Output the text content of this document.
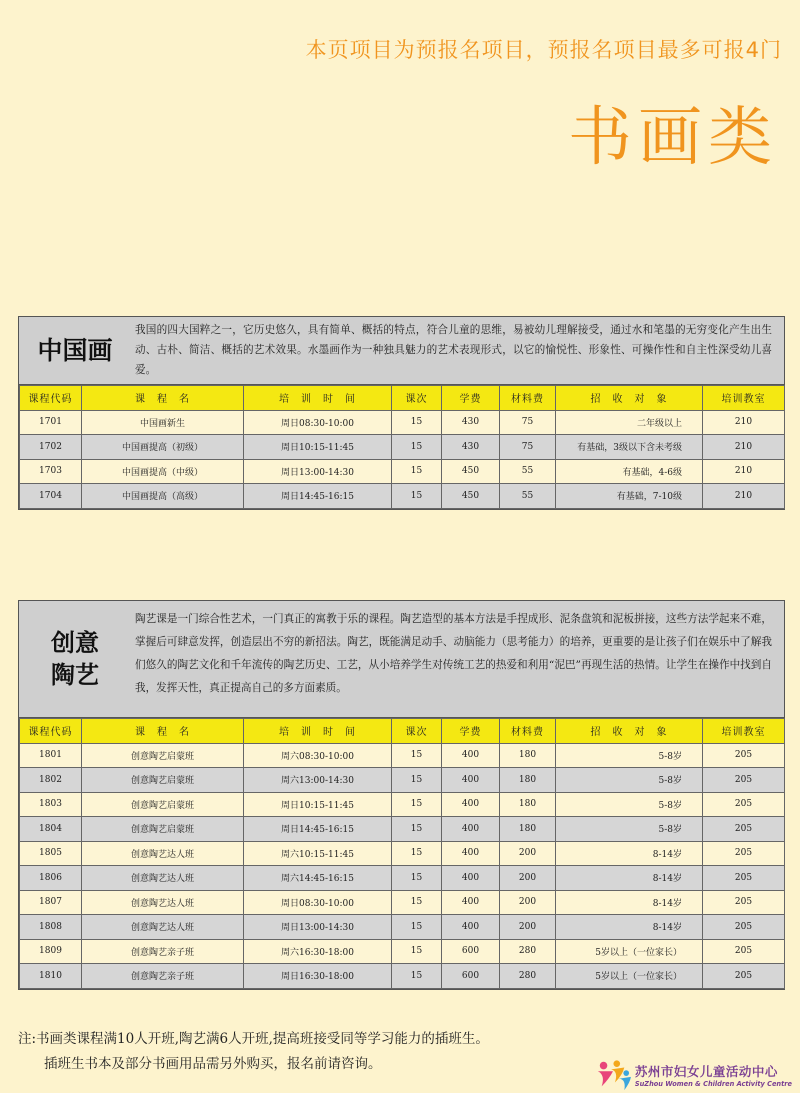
本页项目为预报名项目，预报名项目最多可报4门
书画类
中国画
我国的四大国粹之一，它历史悠久，具有简单、概括的特点，符合儿童的思维，易被幼儿理解接受，通过水和笔墨的无穷变化产生出生动、古朴、简洁、概括的艺术效果。水墨画作为一种独具魅力的艺术表现形式，以它的愉悦性、形象性、可操作性和自主性深受幼儿喜爱。
课程代码	课　程　名	培　训　时　间	课次	学费	材料费	招　收　对　象	培训教室
1701	中国画新生	周日08:30-10:00	15	430	75	二年级以上	210
1702	中国画提高（初级）	周日10:15-11:45	15	430	75	有基础，3级以下含未考级	210
1703	中国画提高（中级）	周日13:00-14:30	15	450	55	有基础，4-6级	210
1704	中国画提高（高级）	周日14:45-16:15	15	450	55	有基础，7-10级	210
创意
陶艺
陶艺课是一门综合性艺术，一门真正的寓教于乐的课程。陶艺造型的基本方法是手捏成形、泥条盘筑和泥板拼接，这些方法学起来不难，掌握后可肆意发挥，创造层出不穷的新招法。陶艺，既能满足动手、动脑能力（思考能力）的培养，更重要的是让孩子们在娱乐中了解我们悠久的陶艺文化和千年流传的陶艺历史、工艺，从小培养学生对传统工艺的热爱和利用“泥巴”再现生活的热情。让学生在操作中找到自我，发挥天性，真正提高自己的多方面素质。
课程代码	课　程　名	培　训　时　间	课次	学费	材料费	招　收　对　象	培训教室
1801	创意陶艺启蒙班	周六08:30-10:00	15	400	180	5-8岁	205
1802	创意陶艺启蒙班	周六13:00-14:30	15	400	180	5-8岁	205
1803	创意陶艺启蒙班	周日10:15-11:45	15	400	180	5-8岁	205
1804	创意陶艺启蒙班	周日14:45-16:15	15	400	180	5-8岁	205
1805	创意陶艺达人班	周六10:15-11:45	15	400	200	8-14岁	205
1806	创意陶艺达人班	周六14:45-16:15	15	400	200	8-14岁	205
1807	创意陶艺达人班	周日08:30-10:00	15	400	200	8-14岁	205
1808	创意陶艺达人班	周日13:00-14:30	15	400	200	8-14岁	205
1809	创意陶艺亲子班	周六16:30-18:00	15	600	280	5岁以上（一位家长）	205
1810	创意陶艺亲子班	周日16:30-18:00	15	600	280	5岁以上（一位家长）	205
注:书画类课程满10人开班,陶艺满6人开班,提高班接受同等学习能力的插班生。
插班生书本及部分书画用品需另外购买，报名前请咨询。	苏州市妇女儿童活动中心
SuZhou Women & Children Activity Centre
